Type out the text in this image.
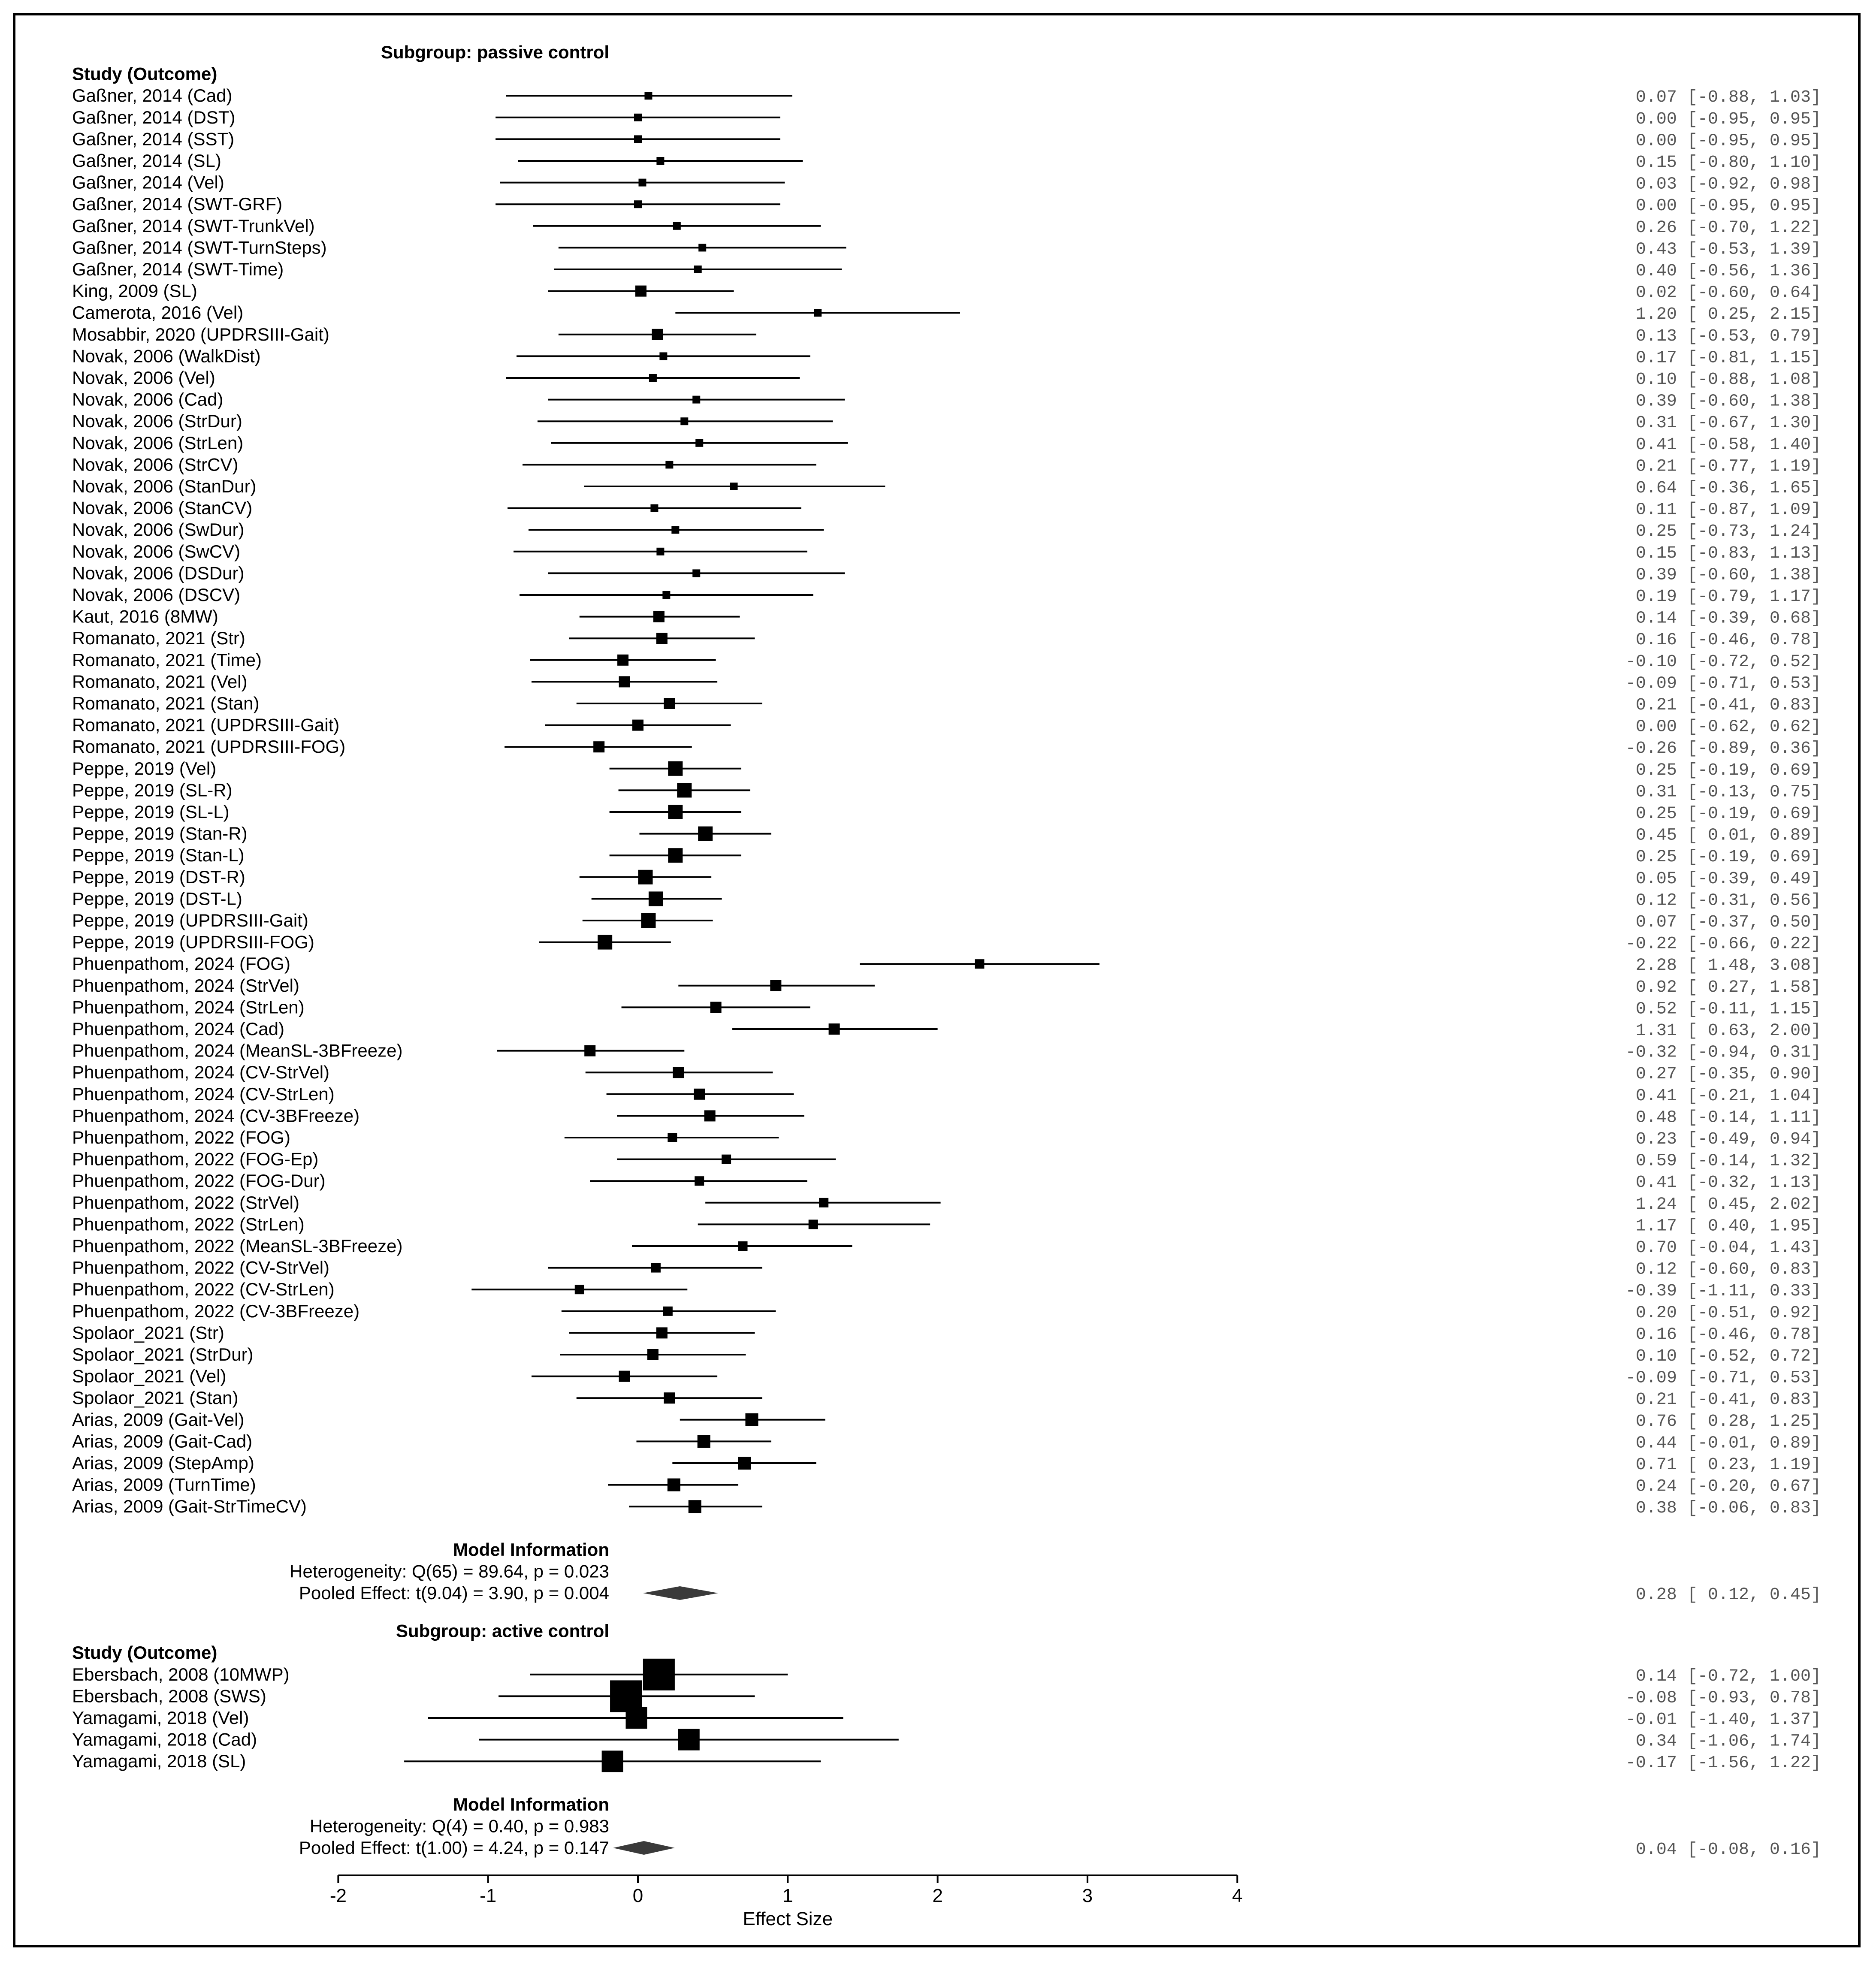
Subgroup: passive control
Study (Outcome)
Gaßner, 2014 (Cad)	0.07 [-0.88, 1.03]
Gaßner, 2014 (DST)	0.00 [-0.95, 0.95]
Gaßner, 2014 (SST)	0.00 [-0.95, 0.95]
Gaßner, 2014 (SL)	0.15 [-0.80, 1.10]
Gaßner, 2014 (Vel)	0.03 [-0.92, 0.98]
Gaßner, 2014 (SWT-GRF)	0.00 [-0.95, 0.95]
Gaßner, 2014 (SWT-TrunkVel)	0.26 [-0.70, 1.22]
Gaßner, 2014 (SWT-TurnSteps)	0.43 [-0.53, 1.39]
Gaßner, 2014 (SWT-Time)	0.40 [-0.56, 1.36]
King, 2009 (SL)	0.02 [-0.60, 0.64]
Camerota, 2016 (Vel)	1.20 [ 0.25, 2.15]
Mosabbir, 2020 (UPDRSIII-Gait)	0.13 [-0.53, 0.79]
Novak, 2006 (WalkDist)	0.17 [-0.81, 1.15]
Novak, 2006 (Vel)	0.10 [-0.88, 1.08]
Novak, 2006 (Cad)	0.39 [-0.60, 1.38]
Novak, 2006 (StrDur)	0.31 [-0.67, 1.30]
Novak, 2006 (StrLen)	0.41 [-0.58, 1.40]
Novak, 2006 (StrCV)	0.21 [-0.77, 1.19]
Novak, 2006 (StanDur)	0.64 [-0.36, 1.65]
Novak, 2006 (StanCV)	0.11 [-0.87, 1.09]
Novak, 2006 (SwDur)	0.25 [-0.73, 1.24]
Novak, 2006 (SwCV)	0.15 [-0.83, 1.13]
Novak, 2006 (DSDur)	0.39 [-0.60, 1.38]
Novak, 2006 (DSCV)	0.19 [-0.79, 1.17]
Kaut, 2016 (8MW)	0.14 [-0.39, 0.68]
Romanato, 2021 (Str)	0.16 [-0.46, 0.78]
Romanato, 2021 (Time)	-0.10 [-0.72, 0.52]
Romanato, 2021 (Vel)	-0.09 [-0.71, 0.53]
Romanato, 2021 (Stan)	0.21 [-0.41, 0.83]
Romanato, 2021 (UPDRSIII-Gait)	0.00 [-0.62, 0.62]
Romanato, 2021 (UPDRSIII-FOG)	-0.26 [-0.89, 0.36]
Peppe, 2019 (Vel)	0.25 [-0.19, 0.69]
Peppe, 2019 (SL-R)	0.31 [-0.13, 0.75]
Peppe, 2019 (SL-L)	0.25 [-0.19, 0.69]
Peppe, 2019 (Stan-R)	0.45 [ 0.01, 0.89]
Peppe, 2019 (Stan-L)	0.25 [-0.19, 0.69]
Peppe, 2019 (DST-R)	0.05 [-0.39, 0.49]
Peppe, 2019 (DST-L)	0.12 [-0.31, 0.56]
Peppe, 2019 (UPDRSIII-Gait)	0.07 [-0.37, 0.50]
Peppe, 2019 (UPDRSIII-FOG)	-0.22 [-0.66, 0.22]
Phuenpathom, 2024 (FOG)	2.28 [ 1.48, 3.08]
Phuenpathom, 2024 (StrVel)	0.92 [ 0.27, 1.58]
Phuenpathom, 2024 (StrLen)	0.52 [-0.11, 1.15]
Phuenpathom, 2024 (Cad)	1.31 [ 0.63, 2.00]
Phuenpathom, 2024 (MeanSL-3BFreeze)	-0.32 [-0.94, 0.31]
Phuenpathom, 2024 (CV-StrVel)	0.27 [-0.35, 0.90]
Phuenpathom, 2024 (CV-StrLen)	0.41 [-0.21, 1.04]
Phuenpathom, 2024 (CV-3BFreeze)	0.48 [-0.14, 1.11]
Phuenpathom, 2022 (FOG)	0.23 [-0.49, 0.94]
Phuenpathom, 2022 (FOG-Ep)	0.59 [-0.14, 1.32]
Phuenpathom, 2022 (FOG-Dur)	0.41 [-0.32, 1.13]
Phuenpathom, 2022 (StrVel)	1.24 [ 0.45, 2.02]
Phuenpathom, 2022 (StrLen)	1.17 [ 0.40, 1.95]
Phuenpathom, 2022 (MeanSL-3BFreeze)	0.70 [-0.04, 1.43]
Phuenpathom, 2022 (CV-StrVel)	0.12 [-0.60, 0.83]
Phuenpathom, 2022 (CV-StrLen)	-0.39 [-1.11, 0.33]
Phuenpathom, 2022 (CV-3BFreeze)	0.20 [-0.51, 0.92]
Spolaor_2021 (Str)	0.16 [-0.46, 0.78]
Spolaor_2021 (StrDur)	0.10 [-0.52, 0.72]
Spolaor_2021 (Vel)	-0.09 [-0.71, 0.53]
Spolaor_2021 (Stan)	0.21 [-0.41, 0.83]
Arias, 2009 (Gait-Vel)	0.76 [ 0.28, 1.25]
Arias, 2009 (Gait-Cad)	0.44 [-0.01, 0.89]
Arias, 2009 (StepAmp)	0.71 [ 0.23, 1.19]
Arias, 2009 (TurnTime)	0.24 [-0.20, 0.67]
Arias, 2009 (Gait-StrTimeCV)	0.38 [-0.06, 0.83]
Model Information
Heterogeneity: Q(65) = 89.64, p = 0.023
Pooled Effect: t(9.04) = 3.90, p = 0.004	0.28 [ 0.12, 0.45]
Subgroup: active control
Study (Outcome)
Ebersbach, 2008 (10MWP)	0.14 [-0.72, 1.00]
Ebersbach, 2008 (SWS)	-0.08 [-0.93, 0.78]
Yamagami, 2018 (Vel)	-0.01 [-1.40, 1.37]
Yamagami, 2018 (Cad)	0.34 [-1.06, 1.74]
Yamagami, 2018 (SL)	-0.17 [-1.56, 1.22]
Model Information
Heterogeneity: Q(4) = 0.40, p = 0.983
Pooled Effect: t(1.00) = 4.24, p = 0.147	0.04 [-0.08, 0.16]
-2	-1	0	1	2	3	4
Effect Size
